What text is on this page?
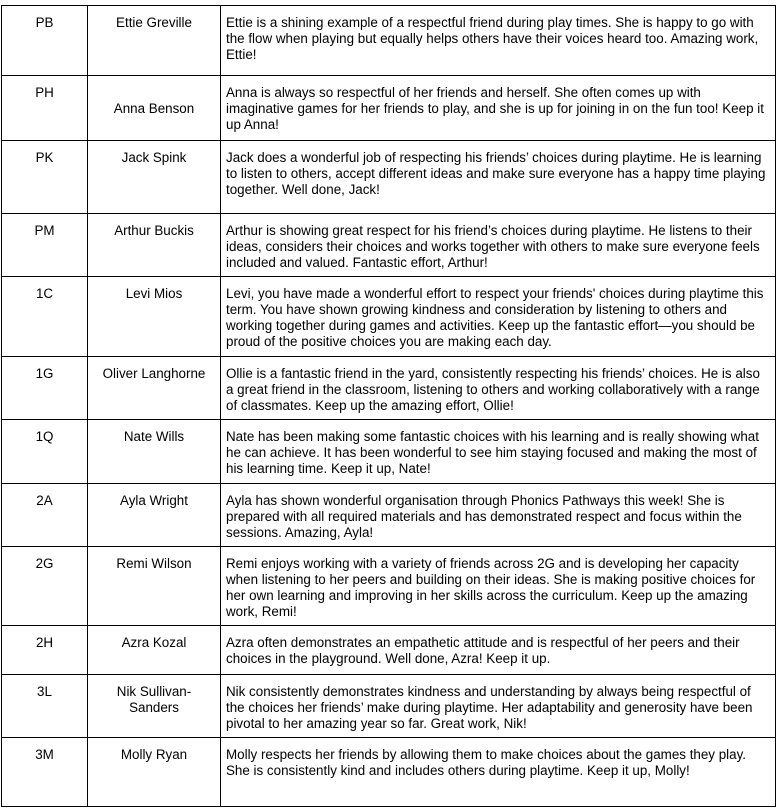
PB	Ettie Greville	Ettie is a shining example of a respectful friend during play times. She is happy to go with the flow when playing but equally helps others have their voices heard too. Amazing work, Ettie!
PH	Anna Benson	Anna is always so respectful of her friends and herself. She often comes up with imaginative games for her friends to play, and she is up for joining in on the fun too! Keep it up Anna!
PK	Jack Spink	Jack does a wonderful job of respecting his friends’ choices during playtime. He is learning to listen to others, accept different ideas and make sure everyone has a happy time playing together. Well done, Jack!
PM	Arthur Buckis	Arthur is showing great respect for his friend’s choices during playtime. He listens to their ideas, considers their choices and works together with others to make sure everyone feels included and valued. Fantastic effort, Arthur!
1C	Levi Mios	Levi, you have made a wonderful effort to respect your friends' choices during playtime this term. You have shown growing kindness and consideration by listening to others and working together during games and activities. Keep up the fantastic effort—you should be proud of the positive choices you are making each day.
1G	Oliver Langhorne	Ollie is a fantastic friend in the yard, consistently respecting his friends’ choices. He is also a great friend in the classroom, listening to others and working collaboratively with a range of classmates. Keep up the amazing effort, Ollie!
1Q	Nate Wills	Nate has been making some fantastic choices with his learning and is really showing what he can achieve. It has been wonderful to see him staying focused and making the most of his learning time. Keep it up, Nate!
2A	Ayla Wright	Ayla has shown wonderful organisation through Phonics Pathways this week! She is prepared with all required materials and has demonstrated respect and focus within the sessions. Amazing, Ayla!
2G	Remi Wilson	Remi enjoys working with a variety of friends across 2G and is developing her capacity when listening to her peers and building on their ideas. She is making positive choices for her own learning and improving in her skills across the curriculum. Keep up the amazing work, Remi!
2H	Azra Kozal	Azra often demonstrates an empathetic attitude and is respectful of her peers and their choices in the playground. Well done, Azra! Keep it up.
3L	Nik Sullivan-Sanders	Nik consistently demonstrates kindness and understanding by always being respectful of the choices her friends’ make during playtime. Her adaptability and generosity have been pivotal to her amazing year so far. Great work, Nik!
3M	Molly Ryan	Molly respects her friends by allowing them to make choices about the games they play. She is consistently kind and includes others during playtime. Keep it up, Molly!
